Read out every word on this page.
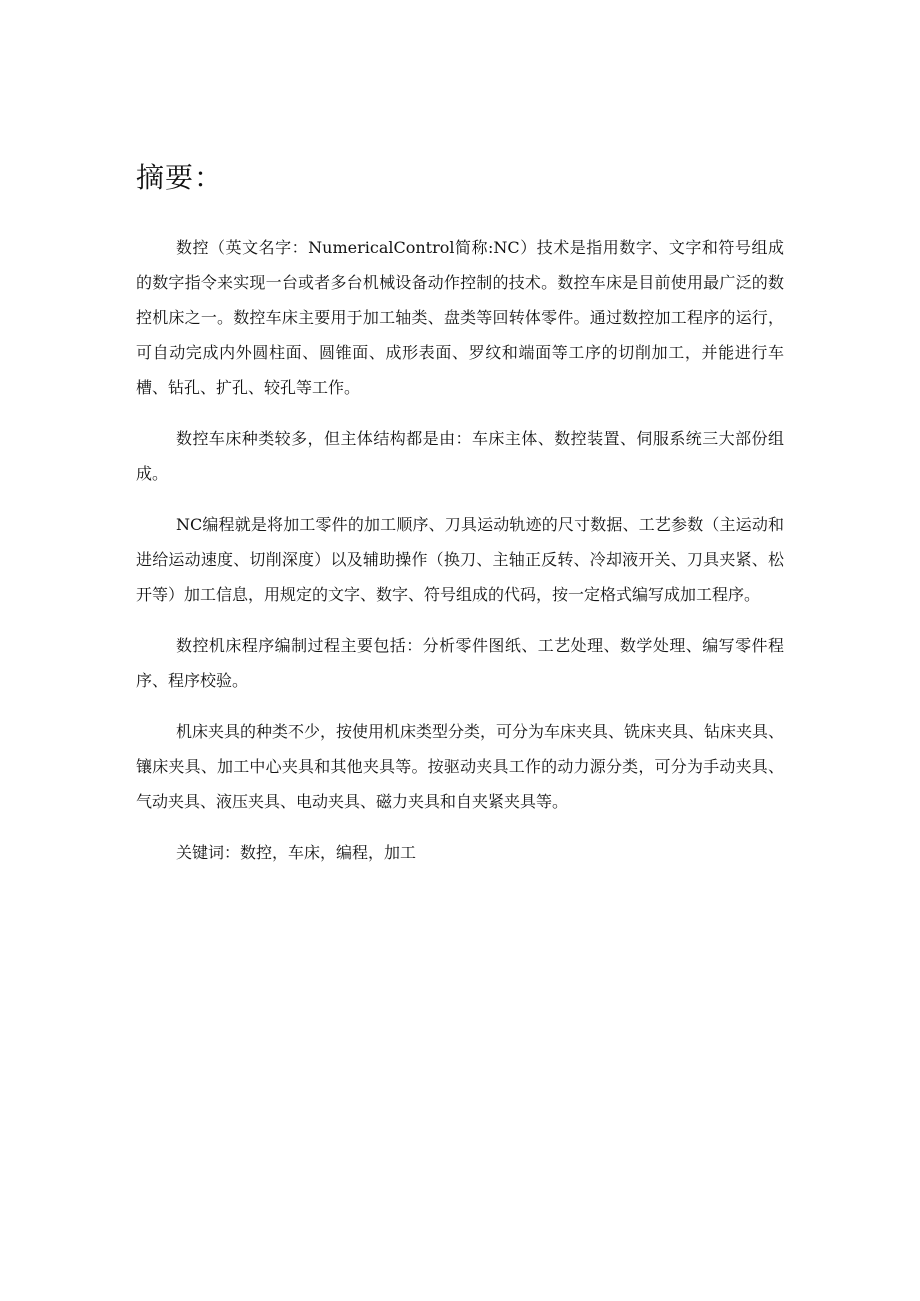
摘要：

数控（英文名字：NumericalControl简称:NC）技术是指用数字、文字和符号组成的数字指令来实现一台或者多台机械设备动作控制的技术。数控车床是目前使用最广泛的数控机床之一。数控车床主要用于加工轴类、盘类等回转体零件。通过数控加工程序的运行，可自动完成内外圆柱面、圆锥面、成形表面、罗纹和端面等工序的切削加工，并能进行车槽、钻孔、扩孔、较孔等工作。

数控车床种类较多，但主体结构都是由：车床主体、数控装置、伺服系统三大部份组成。

NC编程就是将加工零件的加工顺序、刀具运动轨迹的尺寸数据、工艺参数（主运动和进给运动速度、切削深度）以及辅助操作（换刀、主轴正反转、冷却液开关、刀具夹紧、松开等）加工信息，用规定的文字、数字、符号组成的代码，按一定格式编写成加工程序。

数控机床程序编制过程主要包括：分析零件图纸、工艺处理、数学处理、编写零件程序、程序校验。

机床夹具的种类不少，按使用机床类型分类，可分为车床夹具、铣床夹具、钻床夹具、镶床夹具、加工中心夹具和其他夹具等。按驱动夹具工作的动力源分类，可分为手动夹具、气动夹具、液压夹具、电动夹具、磁力夹具和自夹紧夹具等。

关键词：数控，车床，编程，加工
